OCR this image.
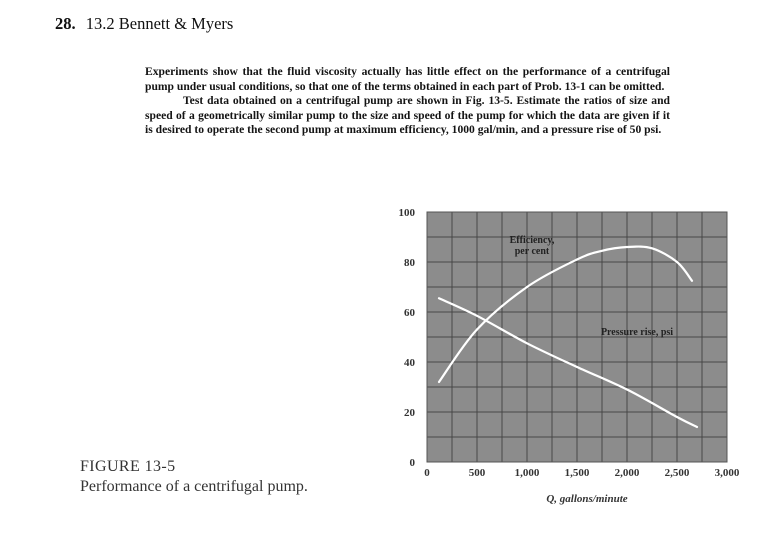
28. 13.2 Bennett & Myers

Experiments show that the fluid viscosity actually has little effect on the performance of a centrifugal pump under usual conditions, so that one of the terms obtained in each part of Prob. 13-1 can be omitted.

Test data obtained on a centrifugal pump are shown in Fig. 13-5. Estimate the ratios of size and speed of a geometrically similar pump to the size and speed of the pump for which the data are given if it is desired to operate the second pump at maximum efficiency, 1000 gal/min, and a pressure rise of 50 psi.

Efficiency,
per cent
Pressure rise, psi
0
20
40
60
80
100
0	500	1,000 1,500 2,000 2,500 3,000
Q, gallons/minute
FIGURE 13-5
Performance of a centrifugal pump.
